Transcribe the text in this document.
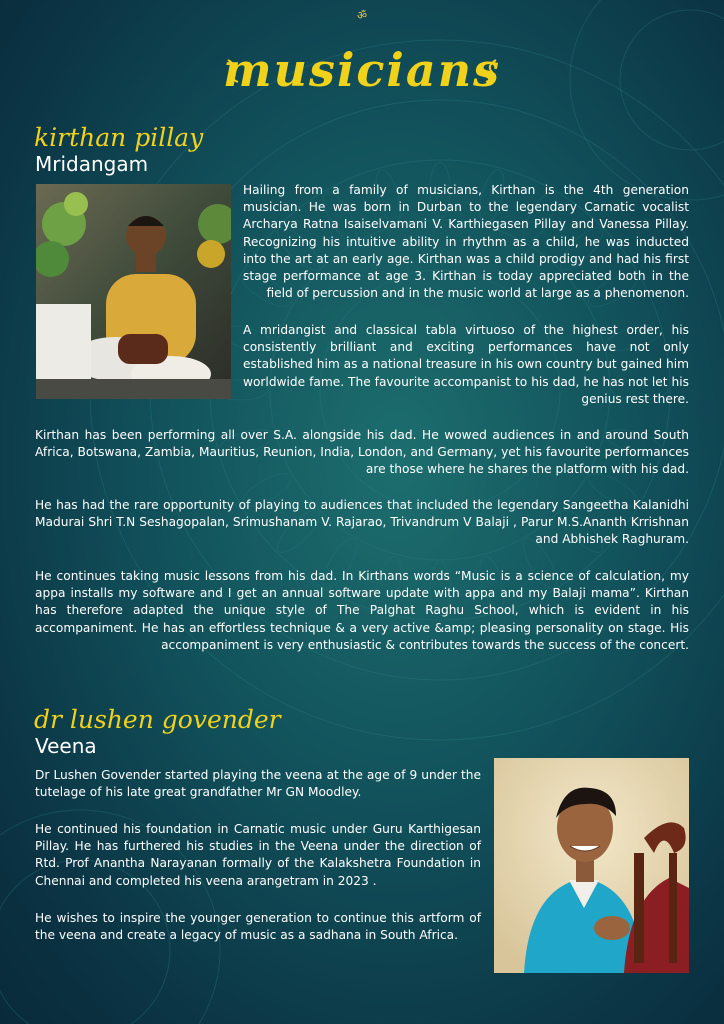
ॐ
musicians
kirthan pillay
Mridangam

Hailing from a family of musicians, Kirthan is the 4th generation musician. He was born in Durban to the legendary Carnatic vocalist Archarya Ratna Isaiselvamani V. Karthiegasen Pillay and Vanessa Pillay. Recognizing his intuitive ability in rhythm as a child, he was inducted into the art at an early age. Kirthan was a child prodigy and had his first stage performance at age 3. Kirthan is today appreciated both in the field of percussion and in the music world at large as a phenomenon.

A mridangist and classical tabla virtuoso of the highest order, his consistently brilliant and exciting performances have not only established him as a national treasure in his own country but gained him worldwide fame. The favourite accompanist to his dad, he has not let his genius rest there.

Kirthan has been performing all over S.A. alongside his dad. He wowed audiences in and around South Africa, Botswana, Zambia, Mauritius, Reunion, India, London, and Germany, yet his favourite performances are those where he shares the platform with his dad.

He has had the rare opportunity of playing to audiences that included the legendary Sangeetha Kalanidhi Madurai Shri T.N Seshagopalan, Srimushanam V. Rajarao, Trivandrum V Balaji , Parur M.S.Ananth Krrishnan and Abhishek Raghuram.

He continues taking music lessons from his dad. In Kirthans words “Music is a science of calculation, my appa installs my software and I get an annual software update with appa and my Balaji mama”. Kirthan has therefore adapted the unique style of The Palghat Raghu School, which is evident in his accompaniment. He has an effortless technique & a very active &amp; pleasing personality on stage. His accompaniment is very enthusiastic & contributes towards the success of the concert.

dr lushen govender
Veena

Dr Lushen Govender started playing the veena at the age of 9 under the tutelage of his late great grandfather Mr GN Moodley.

He continued his foundation in Carnatic music under Guru Karthigesan Pillay. He has furthered his studies in the Veena under the direction of Rtd. Prof Anantha Narayanan formally of the Kalakshetra Foundation in Chennai and completed his veena arangetram in 2023 .

He wishes to inspire the younger generation to continue this artform of the veena and create a legacy of music as a sadhana in South Africa.
